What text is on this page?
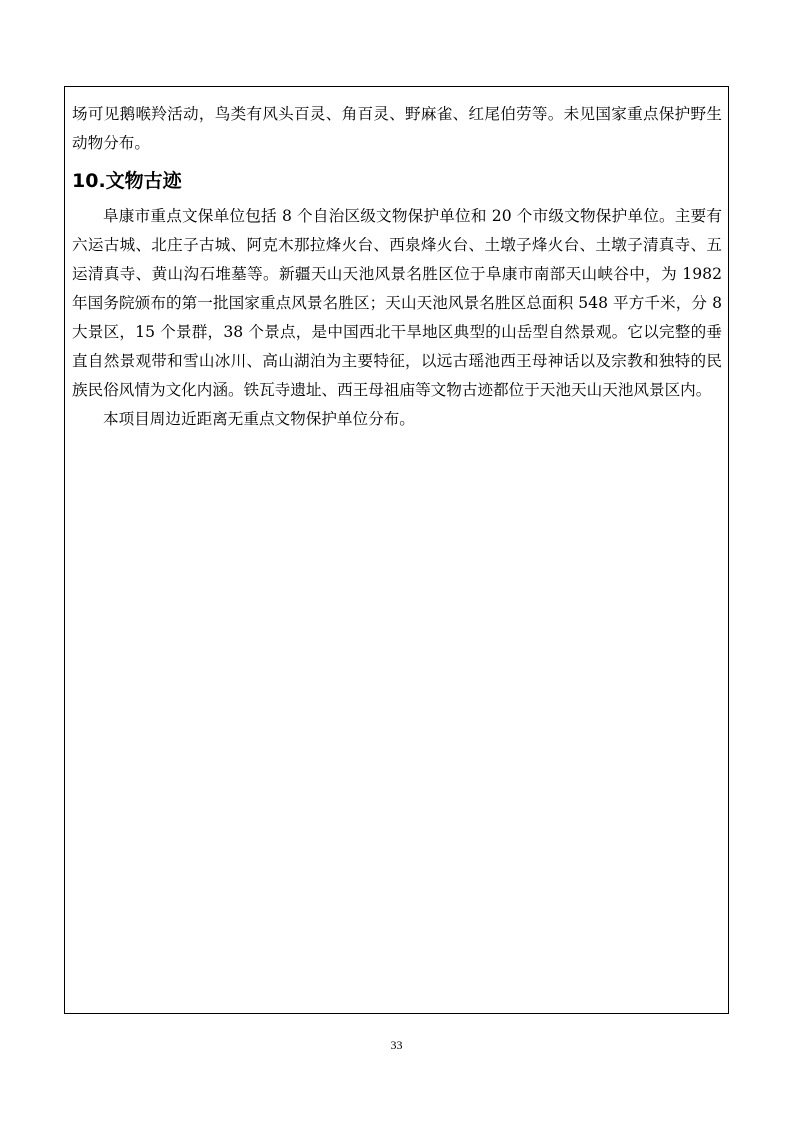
场可见鹅喉羚活动，鸟类有风头百灵、角百灵、野麻雀、红尾伯劳等。未见国家重点保护野生动物分布。

10.文物古迹

阜康市重点文保单位包括 8 个自治区级文物保护单位和 20 个市级文物保护单位。主要有六运古城、北庄子古城、阿克木那拉烽火台、西泉烽火台、土墩子烽火台、土墩子清真寺、五运清真寺、黄山沟石堆墓等。新疆天山天池风景名胜区位于阜康市南部天山峡谷中，为 1982 年国务院颁布的第一批国家重点风景名胜区；天山天池风景名胜区总面积 548 平方千米，分 8 大景区，15 个景群，38 个景点，是中国西北干旱地区典型的山岳型自然景观。它以完整的垂直自然景观带和雪山冰川、高山湖泊为主要特征，以远古瑶池西王母神话以及宗教和独特的民族民俗风情为文化内涵。铁瓦寺遗址、西王母祖庙等文物古迹都位于天池天山天池风景区内。

本项目周边近距离无重点文物保护单位分布。

33
